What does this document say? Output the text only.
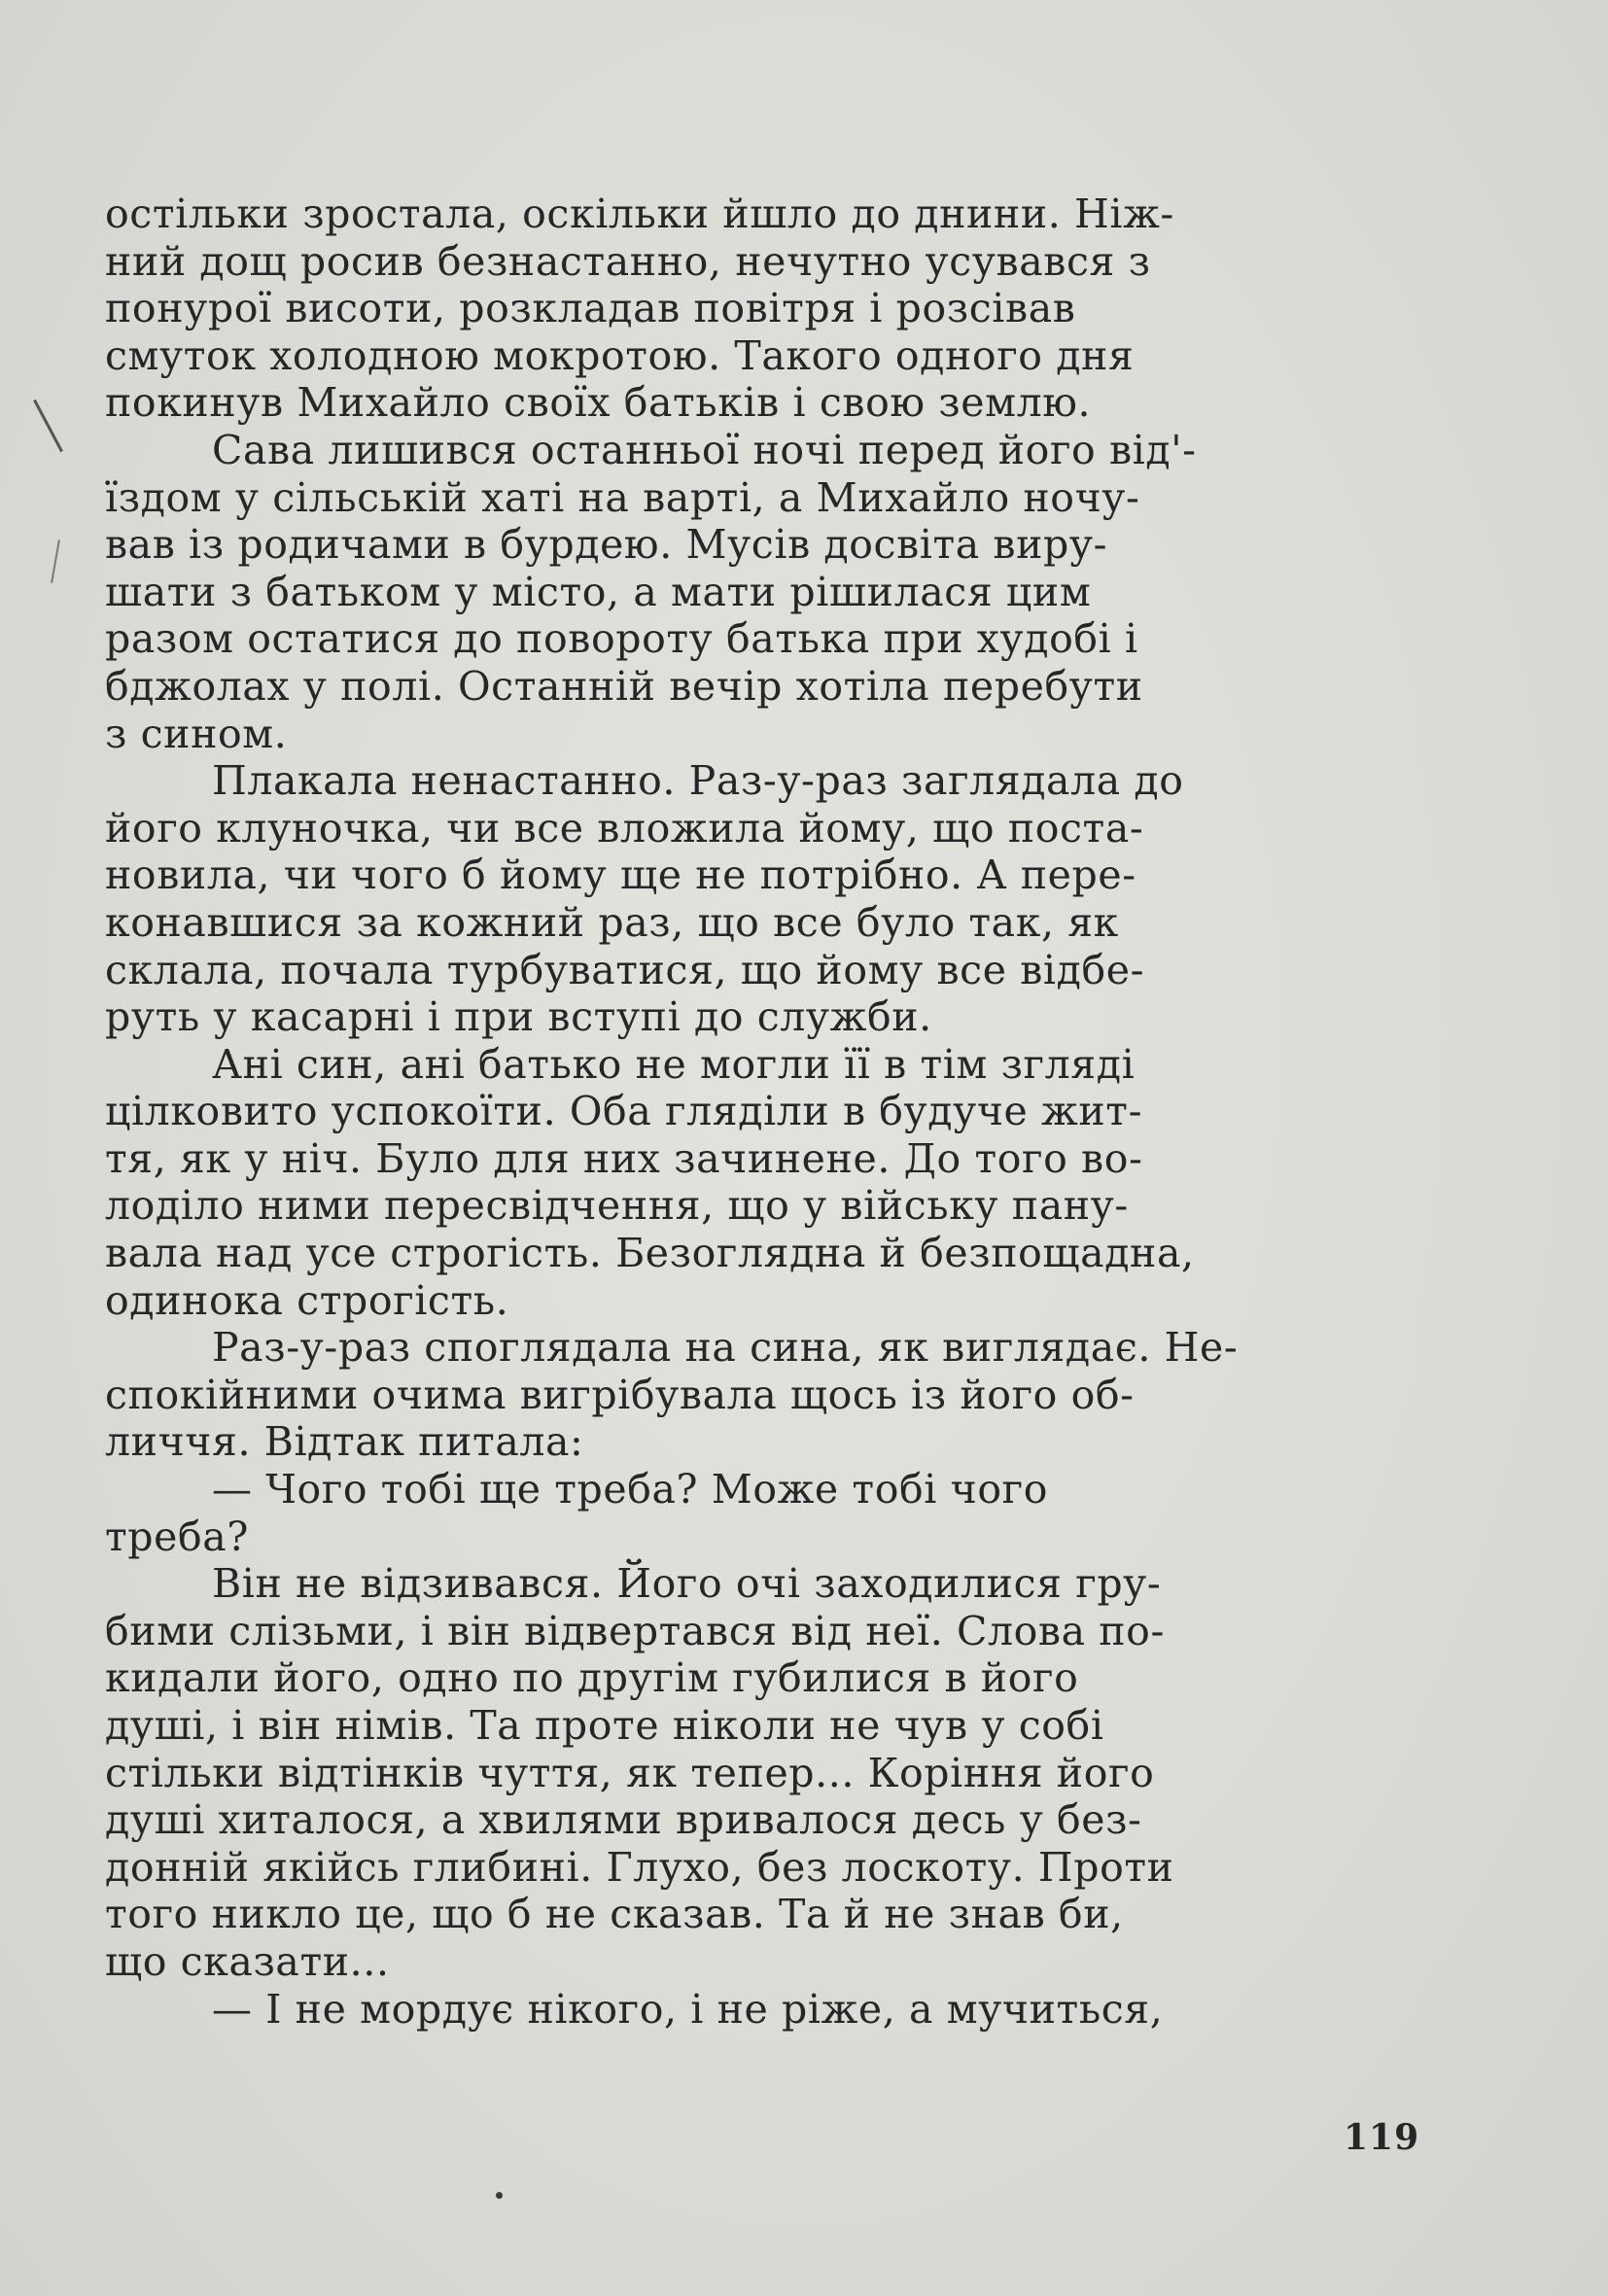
остільки зростала, оскільки йшло до днини. Ніж-
ний дощ росив безнастанно, нечутно усувався з
понурої висоти, розкладав повітря і розсівав
смуток холодною мокротою. Такого одного дня
покинув Михайло своїх батьків і свою землю.
Сава лишився останньої ночі перед його від'-
їздом у сільській хаті на варті, а Михайло ночу-
вав із родичами в бурдею. Мусів досвіта виру-
шати з батьком у місто, а мати рішилася цим
разом остатися до повороту батька при худобі і
бджолах у полі. Останній вечір хотіла перебути
з сином.
Плакала ненастанно. Раз-у-раз заглядала до
його клуночка, чи все вложила йому, що поста-
новила, чи чого б йому ще не потрібно. А пере-
конавшися за кожний раз, що все було так, як
склала, почала турбуватися, що йому все відбе-
руть у касарні і при вступі до служби.
Ані син, ані батько не могли її в тім згляді
цілковито успокоїти. Оба гляділи в будуче жит-
тя, як у ніч. Було для них зачинене. До того во-
лоділо ними пересвідчення, що у війську пану-
вала над усе строгість. Безоглядна й безпощадна,
одинока строгість.
Раз-у-раз споглядала на сина, як виглядає. Не-
спокійними очима вигрібувала щось із його об-
личчя. Відтак питала:
— Чого тобі ще треба? Може тобі чого
треба?
Він не відзивався. Його очі заходилися гру-
бими слізьми, і він відвертався від неї. Слова по-
кидали його, одно по другім губилися в його
душі, і він німів. Та проте ніколи не чув у собі
стільки відтінків чуття, як тепер... Коріння його
душі хиталося, а хвилями вривалося десь у без-
донній якійсь глибині. Глухо, без лоскоту. Проти
того никло це, що б не сказав. Та й не знав би,
що сказати...
— І не мордує нікого, і не ріже, а мучиться,
119
